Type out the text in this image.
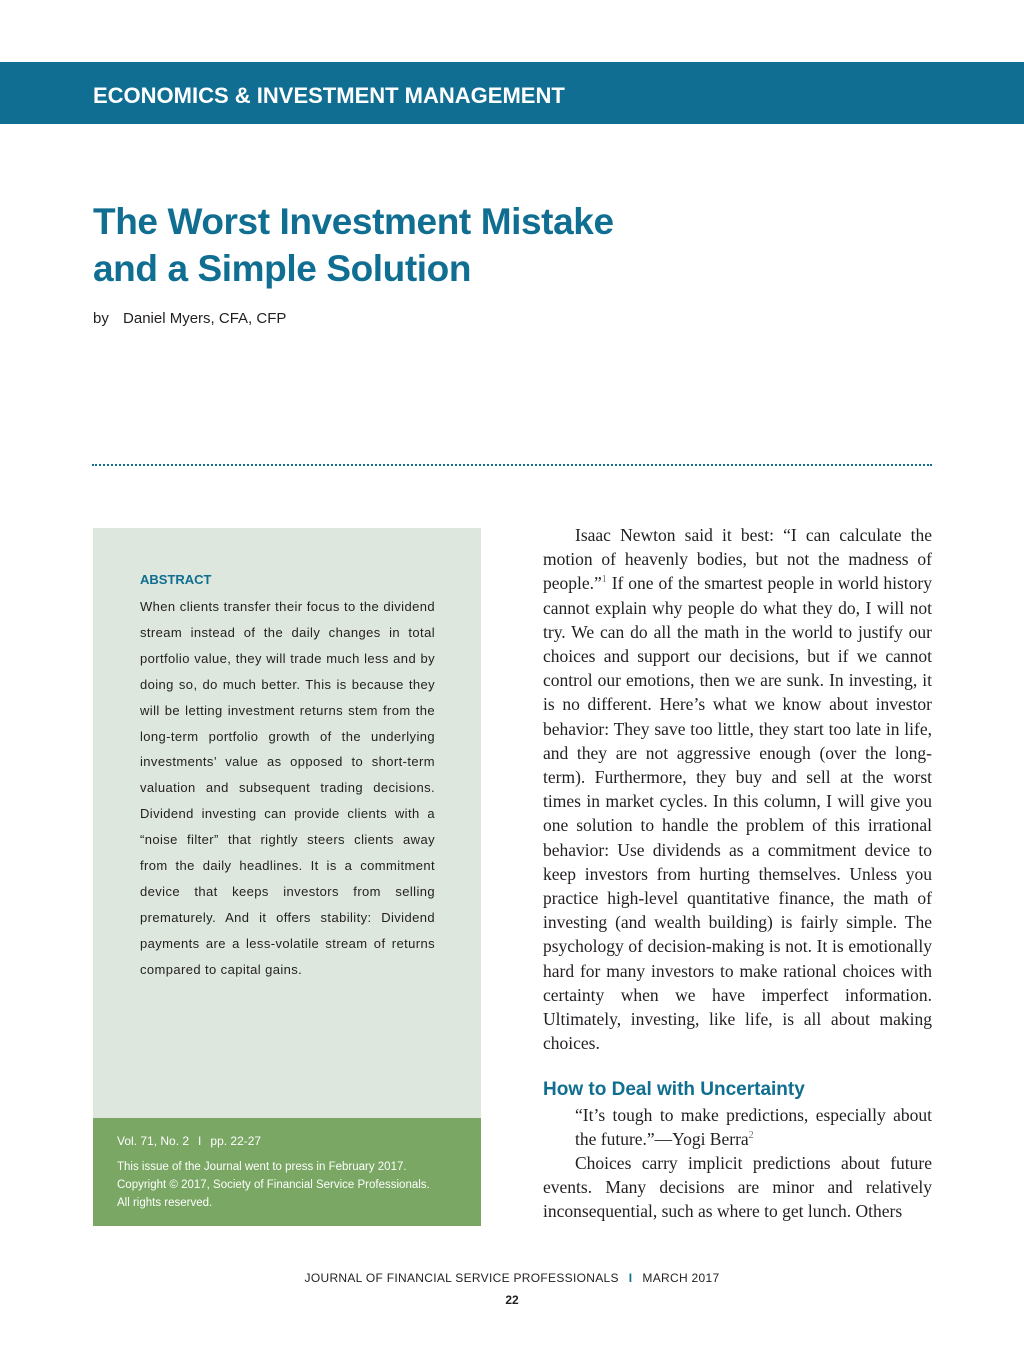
ECONOMICS & INVESTMENT MANAGEMENT
The Worst Investment Mistake
and a Simple Solution
by Daniel Myers, CFA, CFP
ABSTRACT

When clients transfer their focus to the dividend stream instead of the daily changes in total portfolio value, they will trade much less and by doing so, do much better. This is because they will be letting investment returns stem from the long-term portfolio growth of the underlying investments’ value as opposed to short-term valuation and subsequent trading decisions. Dividend investing can provide clients with a “noise filter” that rightly steers clients away from the daily headlines. It is a commitment device that keeps investors from selling prematurely. And it offers stability: Dividend payments are a less-volatile stream of returns compared to capital gains.

Vol. 71, No. 2 I pp. 22-27

This issue of the Journal went to press in February 2017.
Copyright © 2017, Society of Financial Service Professionals.
All rights reserved.

Isaac Newton said it best: “I can calculate the motion of heavenly bodies, but not the madness of people.”$^1$ If one of the smartest people in world history cannot explain why people do what they do, I will not try. We can do all the math in the world to justify our choices and support our decisions, but if we cannot control our emotions, then we are sunk. In investing, it is no different. Here’s what we know about investor behavior: They save too little, they start too late in life, and they are not aggressive enough (over the long-term). Furthermore, they buy and sell at the worst times in market cycles. In this column, I will give you one solution to handle the problem of this irrational behavior: Use dividends as a commitment device to keep investors from hurting themselves. Unless you practice high-level quantitative finance, the math of investing (and wealth building) is fairly simple. The psychology of decision-making is not. It is emotionally hard for many investors to make rational choices with certainty when we have imperfect information. Ultimately, investing, like life, is all about making choices.

How to Deal with Uncertainty

“It’s tough to make predictions, especially about the future.”—Yogi Berra$^2$

Choices carry implicit predictions about future events. Many decisions are minor and relatively inconsequential, such as where to get lunch. Others

JOURNAL OF FINANCIAL SERVICE PROFESSIONALS I MARCH 2017
22
